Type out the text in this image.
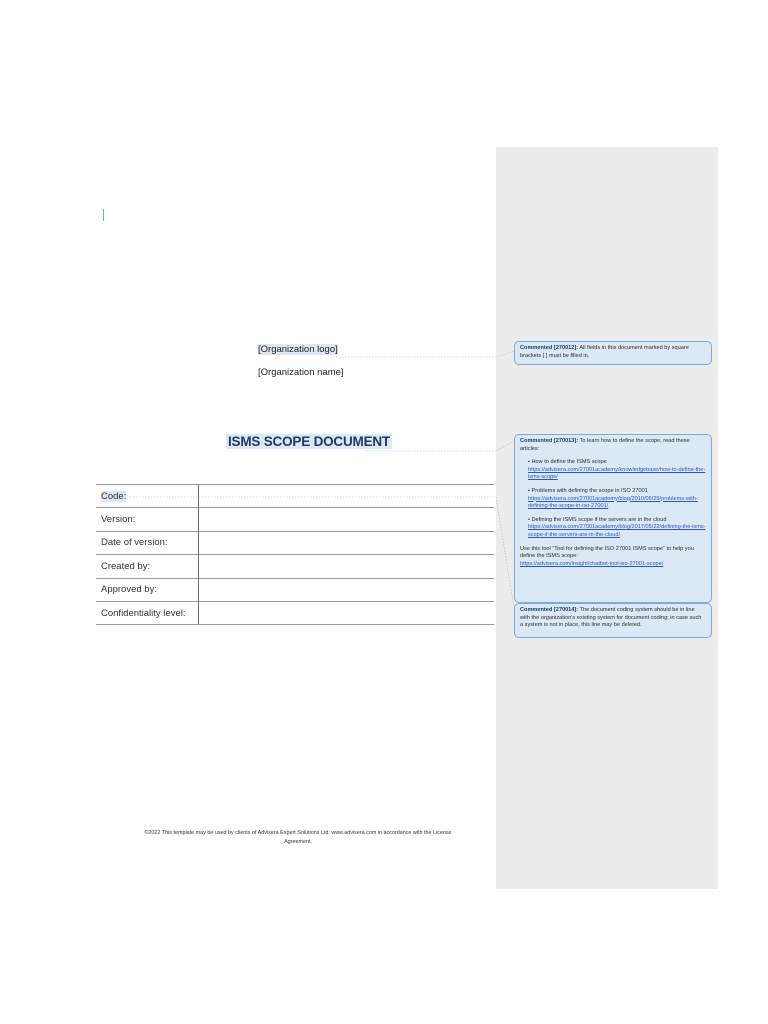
[Organization logo]
[Organization name]
ISMS SCOPE DOCUMENT
Code:	
Version:	
Date of version:	
Created by:	
Approved by:	
Confidentiality level:	
©2022 This template may be used by clients of Advisera Expert Solutions Ltd. www.advisera.com in accordance with the License
Agreement.
Commented [270012]: All fields in this document marked by square brackets [ ] must be filled in.
Commented [270013]: To learn how to define the scope, read these articles:
• How to define the ISMS scope
https://advisera.com/27001academy/knowledgebase/how-to-define-the-isms-scope/
• Problems with defining the scope in ISO 27001
https://advisera.com/27001academy/blog/2010/06/29/problems-with-defining-the-scope-in-iso-27001/
• Defining the ISMS scope if the servers are in the cloud
https://advisera.com/27001academy/blog/2017/05/22/defining-the-isms-scope-if-the-servers-are-in-the-cloud/
Use this tool “Tool for defining the ISO 27001 ISMS scope” to help you define the ISMS scope:
https://advisera.com/insight/chatbot-tool-iso-27001-scope/
Commented [270014]: The document coding system should be in line with the organization's existing system for document coding; in case such a system is not in place, this line may be deleted.
